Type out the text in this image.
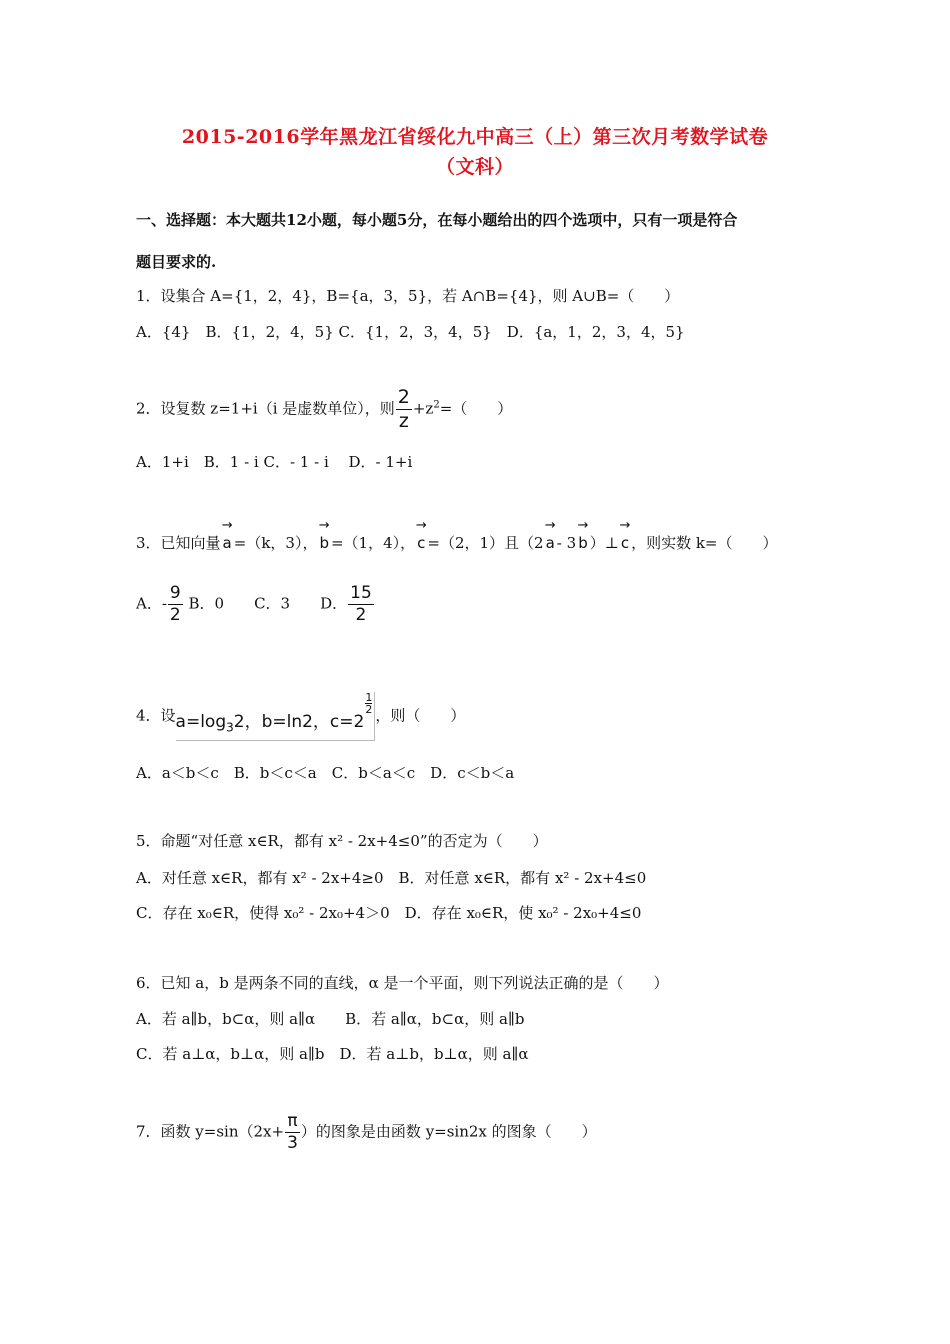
2015-2016学年黑龙江省绥化九中高三（上）第三次月考数学试卷
（文科）
一、选择题：本大题共12小题，每小题5分，在每小题给出的四个选项中，只有一项是符合
题目要求的.
1．设集合 A={1，2，4}，B={a，3，5}，若 A∩B={4}，则 A∪B=（　　）
A．{4}　B．{1，2，4，5} C．{1，2，3，4，5}　D．{a，1，2，3，4，5}
2．设复数 z=1+i（i 是虚数单位），则 $\frac{2}{z} +z^2=$（　　）
A．1+i　B．1 - i C．- 1 - i　 D．- 1+i
3．已知向量
→
a =（k，3），
→
b =（1，4），
→
c =（2，1）且（2
→
a - 3
→
b ）⊥
→
c ，则实数 k=（　　）
A．- $\frac{9}{2}$ B．0　　C．3　　D． $\frac{15}{2}$
4．设$a=\log_32$，b=ln2，c=2
$\frac{1}{2}$
，则（　　）
A．a＜b＜c　B．b＜c＜a　C．b＜a＜c　D．c＜b＜a
5．命题“对任意 x∈R，都有 x² - 2x+4≤0”的否定为（　　）
A．对任意 x∈R，都有 x² - 2x+4≥0　B．对任意 x∈R，都有 x² - 2x+4≤0
C．存在 x₀∈R，使得 x₀² - 2x₀+4＞0　D．存在 x₀∈R，使 x₀² - 2x₀+4≤0
6．已知 a，b 是两条不同的直线，α 是一个平面，则下列说法正确的是（　　）
A．若 a∥b，b⊂α，则 a∥α　　B．若 a∥α，b⊂α，则 a∥b
C．若 a⊥α，b⊥α，则 a∥b　D．若 a⊥b，b⊥α，则 a∥α
7．函数 $y=\sin(2x+ \frac{\pi}{3}$ ）的图象是由函数 y=sin2x 的图象（　　）
